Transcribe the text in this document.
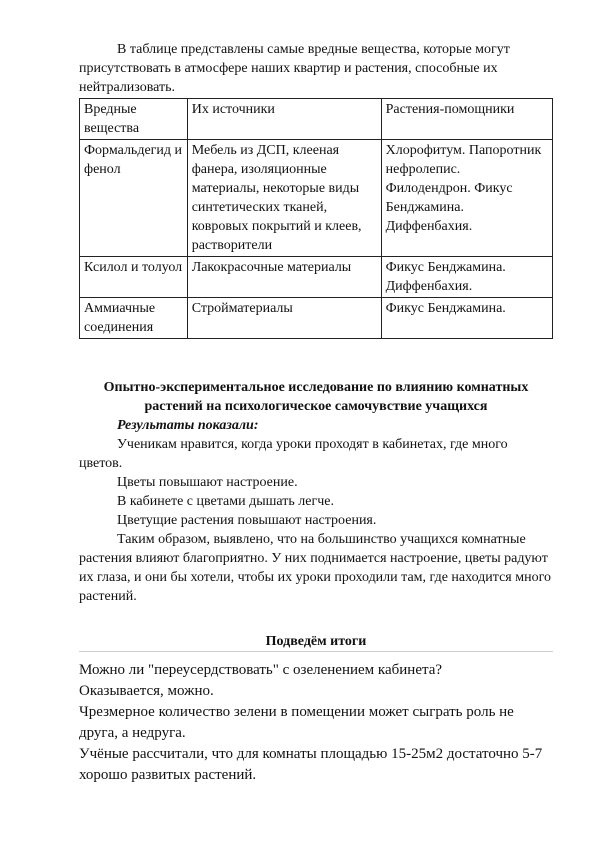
В таблице представлены самые вредные вещества, которые могут присутствовать в атмосфере наших квартир и растения, способные их нейтрализовать.

Вредные вещества	Их источники	Растения-помощники
Формальдегид и фенол	Мебель из ДСП, клееная фанера, изоляционные материалы, некоторые виды синтетических тканей, ковровых покрытий и клеев, растворители	Хлорофитум. Папоротник нефролепис. Филодендрон. Фикус Бенджамина. Диффенбахия.
Ксилол и толуол	Лакокрасочные материалы	Фикус Бенджамина. Диффенбахия.
Аммиачные соединения	Стройматериалы	Фикус Бенджамина.

Опытно-экспериментальное исследование по влиянию комнатных растений на психологическое самочувствие учащихся

Результаты показали:

Ученикам нравится, когда уроки проходят в кабинетах, где много цветов.

Цветы повышают настроение.

В кабинете с цветами дышать легче.

Цветущие растения повышают настроения.

Таким образом, выявлено, что на большинство учащихся комнатные растения влияют благоприятно. У них поднимается настроение, цветы радуют их глаза, и они бы хотели, чтобы их уроки проходили там, где находится много растений.

Подведём итоги

Можно ли "переусердствовать" с озеленением кабинета?

Оказывается, можно.

Чрезмерное количество зелени в помещении может сыграть роль не друга, а недруга.

Учёные рассчитали, что для комнаты площадью 15-25м2 достаточно 5-7 хорошо развитых растений.
